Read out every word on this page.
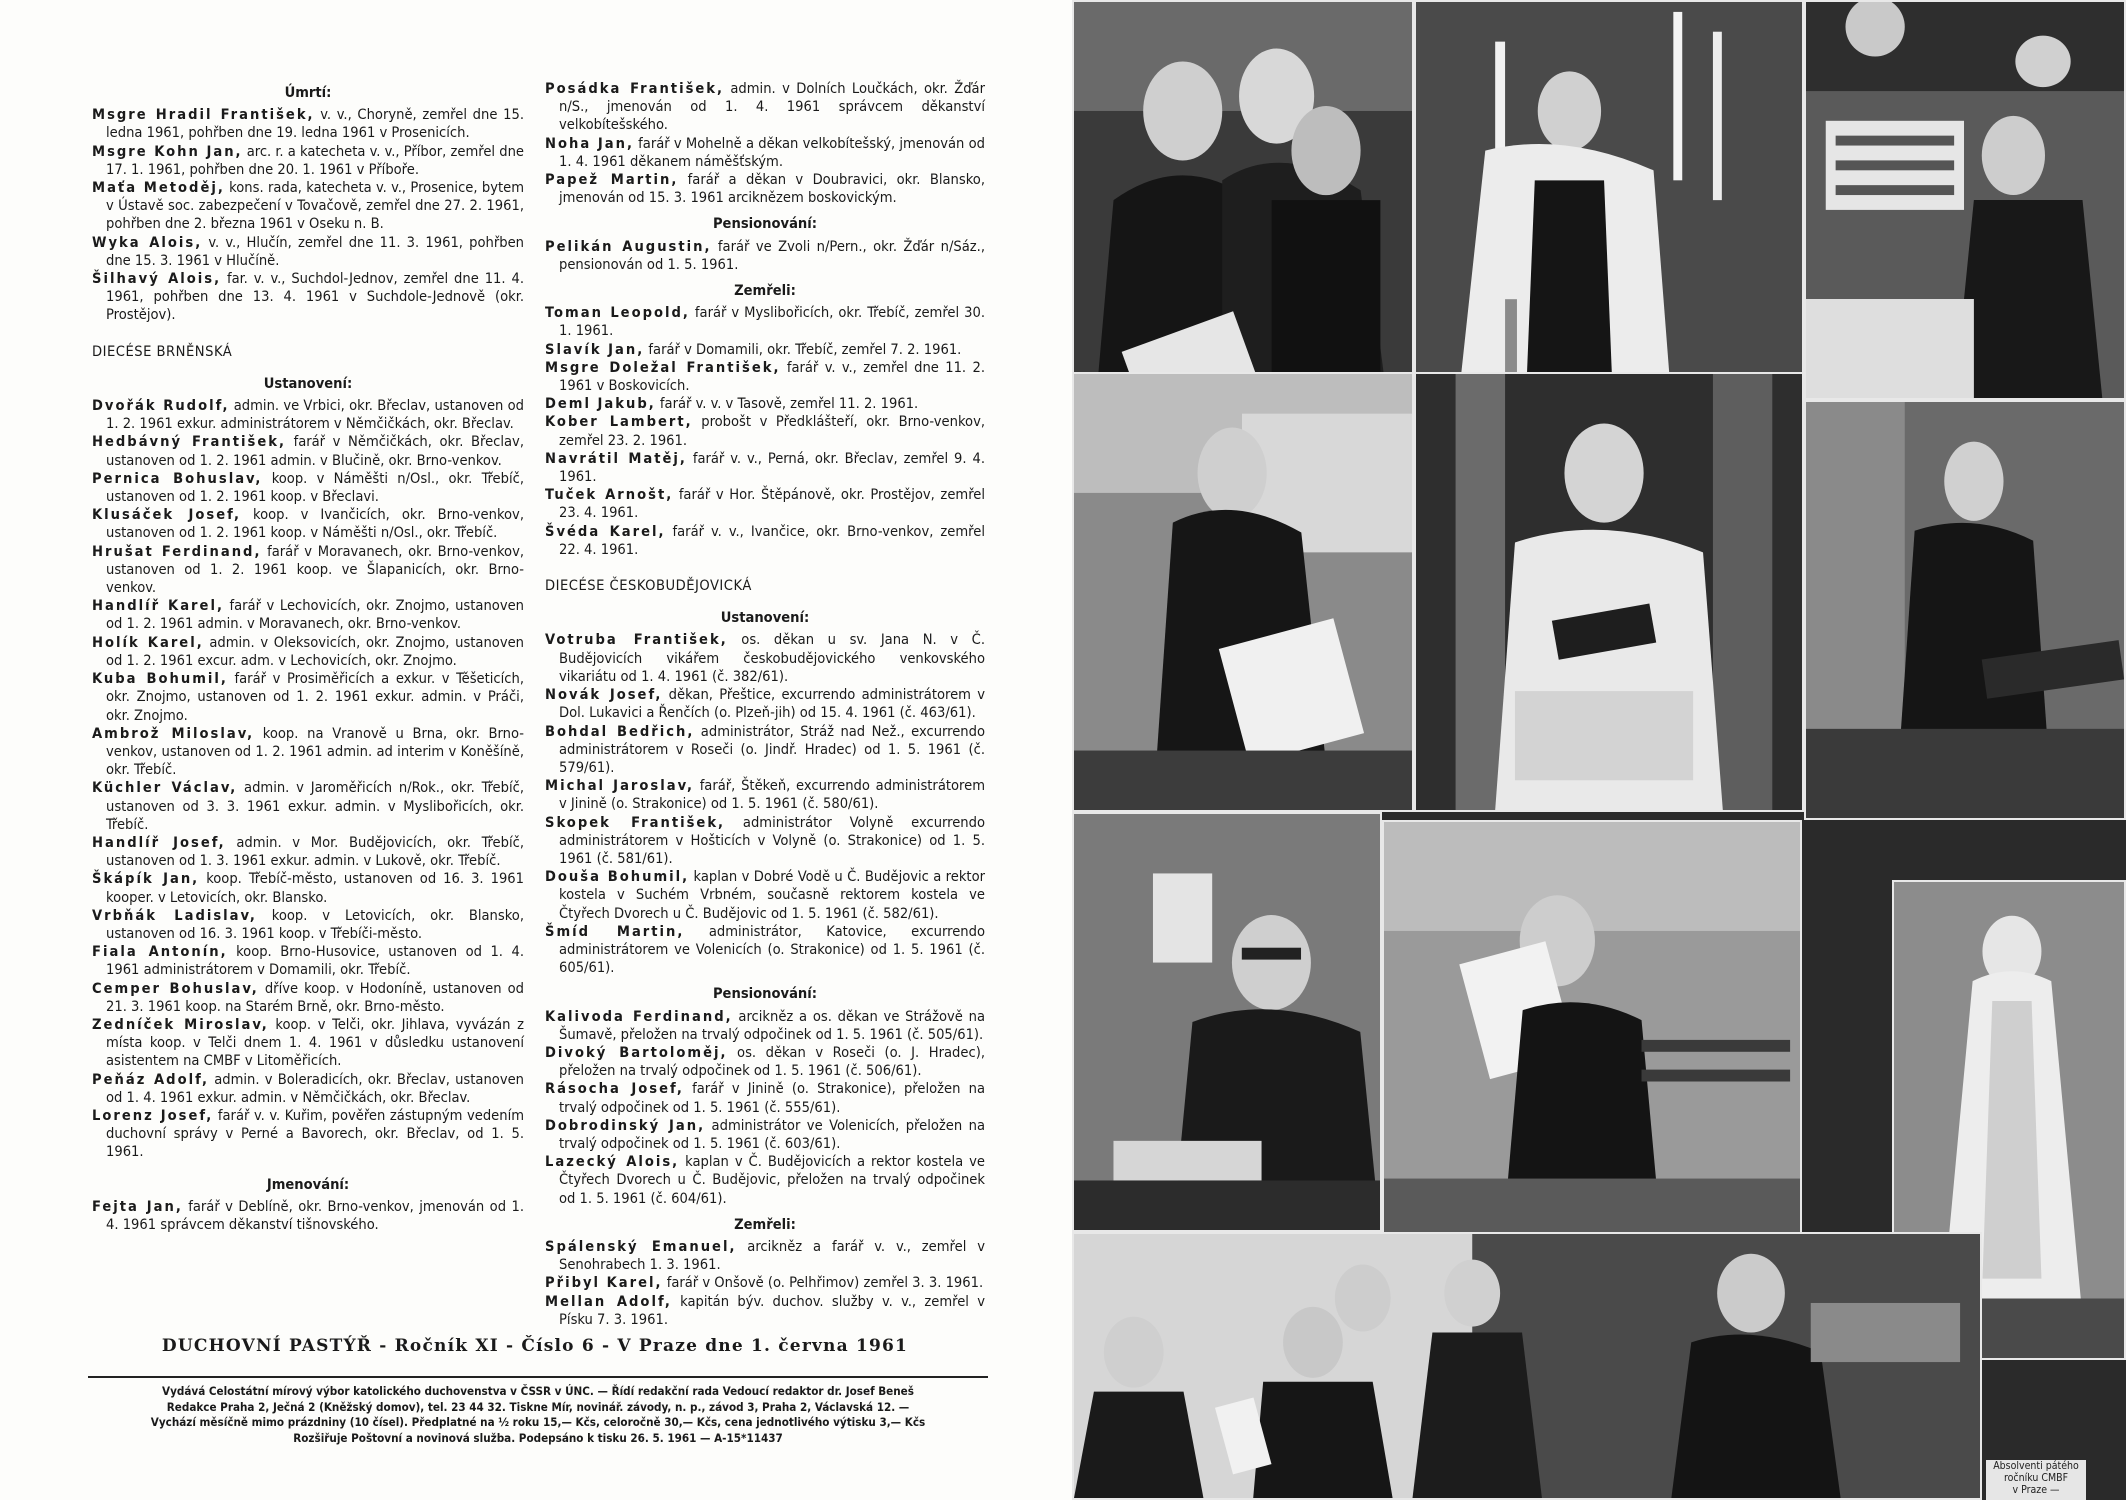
Úmrtí:

Msgre Hradil František, v. v., Choryně, zemřel dne 15. ledna 1961, pohřben dne 19. ledna 1961 v Prosenicích.

Msgre Kohn Jan, arc. r. a katecheta v. v., Příbor, zemřel dne 17. 1. 1961, pohřben dne 20. 1. 1961 v Příboře.

Maťa Metoděj, kons. rada, katecheta v. v., Prosenice, bytem v Ústavě soc. zabezpečení v Tovačově, zemřel dne 27. 2. 1961, pohřben dne 2. března 1961 v Oseku n. B.

Wyka Alois, v. v., Hlučín, zemřel dne 11. 3. 1961, pohřben dne 15. 3. 1961 v Hlučíně.

Šilhavý Alois, far. v. v., Suchdol-Jednov, zemřel dne 11. 4. 1961, pohřben dne 13. 4. 1961 v Suchdole-Jednově (okr. Prostějov).

DIECÉSE BRNĚNSKÁ
Ustanovení:

Dvořák Rudolf, admin. ve Vrbici, okr. Břeclav, ustanoven od 1. 2. 1961 exkur. administrátorem v Němčičkách, okr. Břeclav.

Hedbávný František, farář v Němčičkách, okr. Břeclav, ustanoven od 1. 2. 1961 admin. v Blučině, okr. Brno-venkov.

Pernica Bohuslav, koop. v Náměšti n/Osl., okr. Třebíč, ustanoven od 1. 2. 1961 koop. v Břeclavi.

Klusáček Josef, koop. v Ivančicích, okr. Brno-venkov, ustanoven od 1. 2. 1961 koop. v Náměšti n/Osl., okr. Třebíč.

Hrušat Ferdinand, farář v Moravanech, okr. Brno-venkov, ustanoven od 1. 2. 1961 koop. ve Šlapanicích, okr. Brno-venkov.

Handlíř Karel, farář v Lechovicích, okr. Znojmo, ustanoven od 1. 2. 1961 admin. v Moravanech, okr. Brno-venkov.

Holík Karel, admin. v Oleksovicích, okr. Znojmo, ustanoven od 1. 2. 1961 excur. adm. v Lechovicích, okr. Znojmo.

Kuba Bohumil, farář v Prosiměřicích a exkur. v Těšeticích, okr. Znojmo, ustanoven od 1. 2. 1961 exkur. admin. v Práči, okr. Znojmo.

Ambrož Miloslav, koop. na Vranově u Brna, okr. Brno-venkov, ustanoven od 1. 2. 1961 admin. ad interim v Koněšíně, okr. Třebíč.

Küchler Václav, admin. v Jaroměřicích n/Rok., okr. Třebíč, ustanoven od 3. 3. 1961 exkur. admin. v Myslibořicích, okr. Třebíč.

Handlíř Josef, admin. v Mor. Budějovicích, okr. Třebíč, ustanoven od 1. 3. 1961 exkur. admin. v Lukově, okr. Třebíč.

Škápík Jan, koop. Třebíč-město, ustanoven od 16. 3. 1961 kooper. v Letovicích, okr. Blansko.

Vrbňák Ladislav, koop. v Letovicích, okr. Blansko, ustanoven od 16. 3. 1961 koop. v Třebíči-město.

Fiala Antonín, koop. Brno-Husovice, ustanoven od 1. 4. 1961 administrátorem v Domamili, okr. Třebíč.

Cemper Bohuslav, dříve koop. v Hodoníně, ustanoven od 21. 3. 1961 koop. na Starém Brně, okr. Brno-město.

Zedníček Miroslav, koop. v Telči, okr. Jihlava, vyvázán z místa koop. v Telči dnem 1. 4. 1961 v důsledku ustanovení asistentem na CMBF v Litoměřicích.

Peňáz Adolf, admin. v Boleradicích, okr. Břeclav, ustanoven od 1. 4. 1961 exkur. admin. v Němčičkách, okr. Břeclav.

Lorenz Josef, farář v. v. Kuřim, pověřen zástupným vedením duchovní správy v Perné a Bavorech, okr. Břeclav, od 1. 5. 1961.

Jmenování:

Fejta Jan, farář v Deblíně, okr. Brno-venkov, jmenován od 1. 4. 1961 správcem děkanství tišnovského.

Posádka František, admin. v Dolních Loučkách, okr. Žďár n/S., jmenován od 1. 4. 1961 správcem děkanství velkobítešského.

Noha Jan, farář v Mohelně a děkan velkobítešský, jmenován od 1. 4. 1961 děkanem náměšťským.

Papež Martin, farář a děkan v Doubravici, okr. Blansko, jmenován od 15. 3. 1961 arciknězem boskovickým.

Pensionování:

Pelikán Augustin, farář ve Zvoli n/Pern., okr. Žďár n/Sáz., pensionován od 1. 5. 1961.

Zemřeli:

Toman Leopold, farář v Myslibořicích, okr. Třebíč, zemřel 30. 1. 1961.

Slavík Jan, farář v Domamili, okr. Třebíč, zemřel 7. 2. 1961.

Msgre Doležal František, farář v. v., zemřel dne 11. 2. 1961 v Boskovicích.

Deml Jakub, farář v. v. v Tasově, zemřel 11. 2. 1961.

Kober Lambert, probošt v Předklášteří, okr. Brno-venkov, zemřel 23. 2. 1961.

Navrátil Matěj, farář v. v., Perná, okr. Břeclav, zemřel 9. 4. 1961.

Tuček Arnošt, farář v Hor. Štěpánově, okr. Prostějov, zemřel 23. 4. 1961.

Švéda Karel, farář v. v., Ivančice, okr. Brno-venkov, zemřel 22. 4. 1961.

DIECÉSE ČESKOBUDĚJOVICKÁ
Ustanovení:

Votruba František, os. děkan u sv. Jana N. v Č. Budějovicích vikářem českobudějovického venkovského vikariátu od 1. 4. 1961 (č. 382/61).

Novák Josef, děkan, Přeštice, excurrendo administrátorem v Dol. Lukavici a Řenčích (o. Plzeň-jih) od 15. 4. 1961 (č. 463/61).

Bohdal Bedřich, administrátor, Stráž nad Než., excurrendo administrátorem v Roseči (o. Jindř. Hradec) od 1. 5. 1961 (č. 579/61).

Michal Jaroslav, farář, Štěkeň, excurrendo administrátorem v Jinině (o. Strakonice) od 1. 5. 1961 (č. 580/61).

Skopek František, administrátor Volyně excurrendo administrátorem v Hošticích v Volyně (o. Strakonice) od 1. 5. 1961 (č. 581/61).

Douša Bohumil, kaplan v Dobré Vodě u Č. Budějovic a rektor kostela v Suchém Vrbném, současně rektorem kostela ve Čtyřech Dvorech u Č. Budějovic od 1. 5. 1961 (č. 582/61).

Šmíd Martin, administrátor, Katovice, excurrendo administrátorem ve Volenicích (o. Strakonice) od 1. 5. 1961 (č. 605/61).

Pensionování:

Kalivoda Ferdinand, arcikněz a os. děkan ve Strážově na Šumavě, přeložen na trvalý odpočinek od 1. 5. 1961 (č. 505/61).

Divoký Bartoloměj, os. děkan v Roseči (o. J. Hradec), přeložen na trvalý odpočinek od 1. 5. 1961 (č. 506/61).

Rásocha Josef, farář v Jinině (o. Strakonice), přeložen na trvalý odpočinek od 1. 5. 1961 (č. 555/61).

Dobrodinský Jan, administrátor ve Volenicích, přeložen na trvalý odpočinek od 1. 5. 1961 (č. 603/61).

Lazecký Alois, kaplan v Č. Budějovicích a rektor kostela ve Čtyřech Dvorech u Č. Budějovic, přeložen na trvalý odpočinek od 1. 5. 1961 (č. 604/61).

Zemřeli:

Spálenský Emanuel, arcikněz a farář v. v., zemřel v Senohrabech 1. 3. 1961.

Přibyl Karel, farář v Onšově (o. Pelhřimov) zemřel 3. 3. 1961.

Mellan Adolf, kapitán býv. duchov. služby v. v., zemřel v Písku 7. 3. 1961.

DUCHOVNÍ PASTÝŘ - Ročník XI - Číslo 6 - V Praze dne 1. června 1961
Vydává Celostátní mírový výbor katolického duchovenstva v ČSSR v ÚNC. — Řídí redakční rada Vedoucí redaktor dr. Josef Beneš
Redakce Praha 2, Ječná 2 (Kněžský domov), tel. 23 44 32. Tiskne Mír, novinář. závody, n. p., závod 3, Praha 2, Václavská 12. —
Vychází měsíčně mimo prázdniny (10 čísel). Předplatné na ½ roku 15,— Kčs, celoročně 30,— Kčs, cena jednotlivého výtisku 3,— Kčs
Rozšiřuje Poštovní a novinová služba. Podepsáno k tisku 26. 5. 1961 — A-15*11437
Absolventi pátého
ročníku CMBF
v Praze —
